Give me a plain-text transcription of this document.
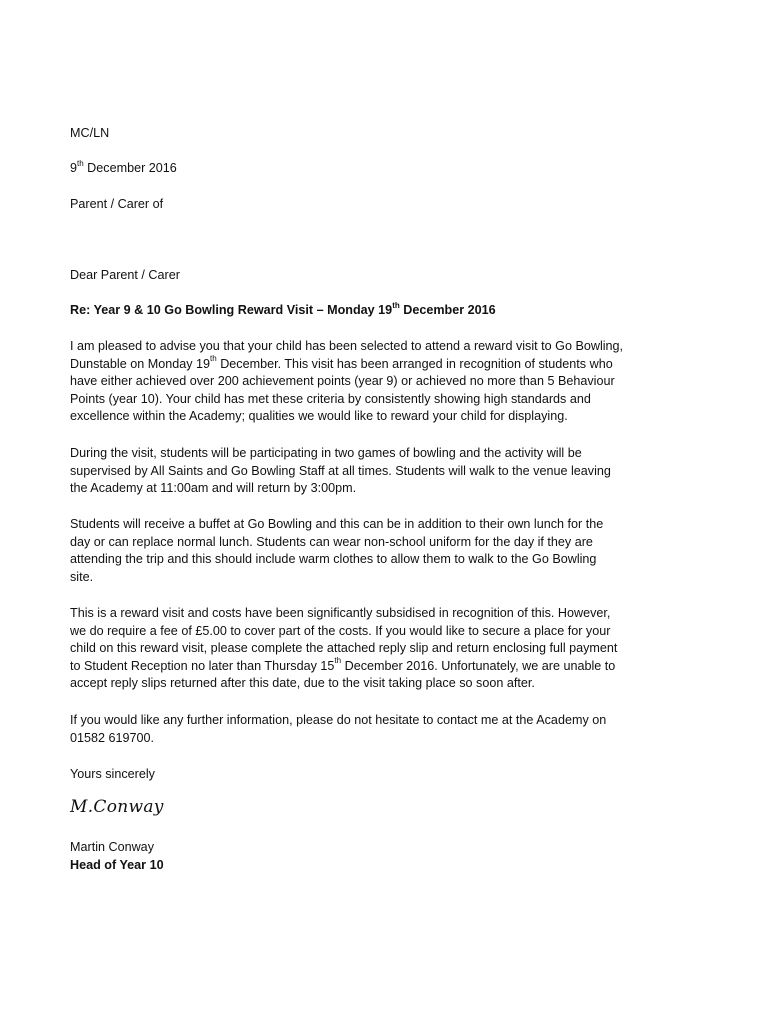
MC/LN

9th December 2016

Parent / Carer of

Dear Parent / Carer

Re: Year 9 & 10 Go Bowling Reward Visit – Monday 19th December 2016

I am pleased to advise you that your child has been selected to attend a reward visit to Go Bowling,
Dunstable on Monday 19th December. This visit has been arranged in recognition of students who
have either achieved over 200 achievement points (year 9) or achieved no more than 5 Behaviour
Points (year 10). Your child has met these criteria by consistently showing high standards and
excellence within the Academy; qualities we would like to reward your child for displaying.

During the visit, students will be participating in two games of bowling and the activity will be
supervised by All Saints and Go Bowling Staff at all times. Students will walk to the venue leaving
the Academy at 11:00am and will return by 3:00pm.

Students will receive a buffet at Go Bowling and this can be in addition to their own lunch for the
day or can replace normal lunch. Students can wear non-school uniform for the day if they are
attending the trip and this should include warm clothes to allow them to walk to the Go Bowling
site.

This is a reward visit and costs have been significantly subsidised in recognition of this. However,
we do require a fee of £5.00 to cover part of the costs. If you would like to secure a place for your
child on this reward visit, please complete the attached reply slip and return enclosing full payment
to Student Reception no later than Thursday 15th December 2016. Unfortunately, we are unable to
accept reply slips returned after this date, due to the visit taking place so soon after.

If you would like any further information, please do not hesitate to contact me at the Academy on
01582 619700.

Yours sincerely

M.Conway

Martin Conway

Head of Year 10
